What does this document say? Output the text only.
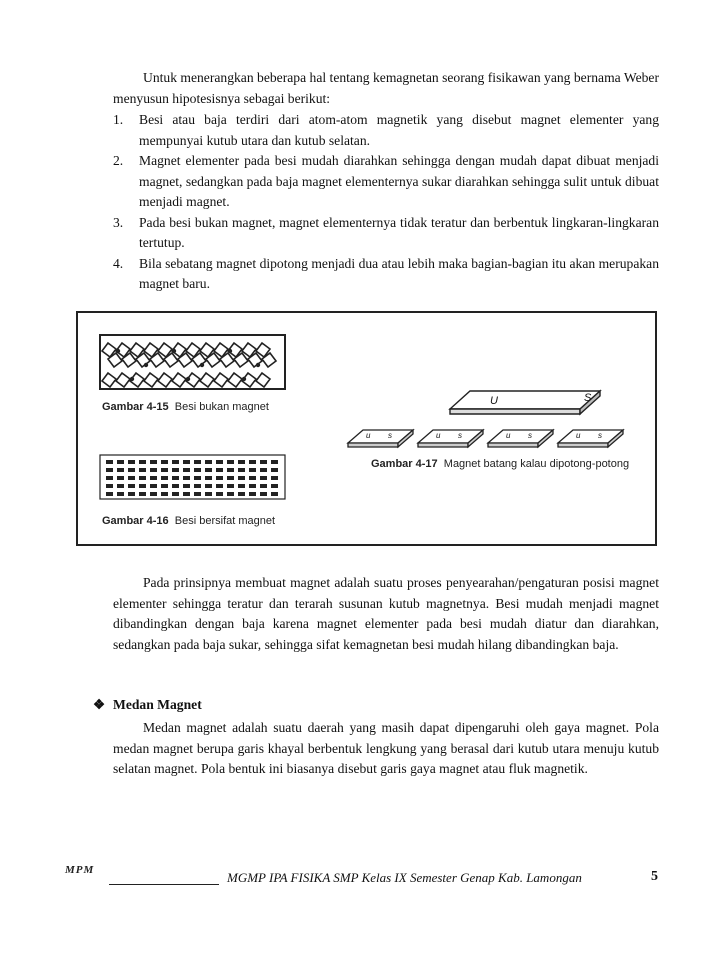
Untuk menerangkan beberapa hal tentang kemagnetan seorang fisikawan yang bernama Weber menyusun hipotesisnya sebagai berikut:
1. Besi atau baja terdiri dari atom-atom magnetik yang disebut magnet elementer yang mempunyai kutub utara dan kutub selatan.
2. Magnet elementer pada besi mudah diarahkan sehingga dengan mudah dapat dibuat menjadi magnet, sedangkan pada baja magnet elementernya sukar diarahkan sehingga sulit untuk dibuat menjadi magnet.
3. Pada besi bukan magnet, magnet elementernya tidak teratur dan berbentuk lingkaran-lingkaran tertutup.
4. Bila sebatang magnet dipotong menjadi dua atau lebih maka bagian-bagian itu akan merupakan magnet baru.
U	S
u s	u s	u s	u s
Gambar 4-15 Besi bukan magnet
Gambar 4-16 Besi bersifat magnet
Gambar 4-17 Magnet batang kalau dipotong-potong
Pada prinsipnya membuat magnet adalah suatu proses penyearahan/pengaturan posisi magnet elementer sehingga teratur dan terarah susunan kutub magnetnya. Besi mudah menjadi magnet dibandingkan dengan baja karena magnet elementer pada besi mudah diatur dan diarahkan, sedangkan pada baja sukar, sehingga sifat kemagnetan besi mudah hilang dibandingkan baja.
❖ Medan Magnet
Medan magnet adalah suatu daerah yang masih dapat dipengaruhi oleh gaya magnet. Pola medan magnet berupa garis khayal berbentuk lengkung yang berasal dari kutub utara menuju kutub selatan magnet. Pola bentuk ini biasanya disebut garis gaya magnet atau fluk magnetik.
MPM	MGMP IPA FISIKA SMP Kelas IX Semester Genap Kab. Lamongan	5
